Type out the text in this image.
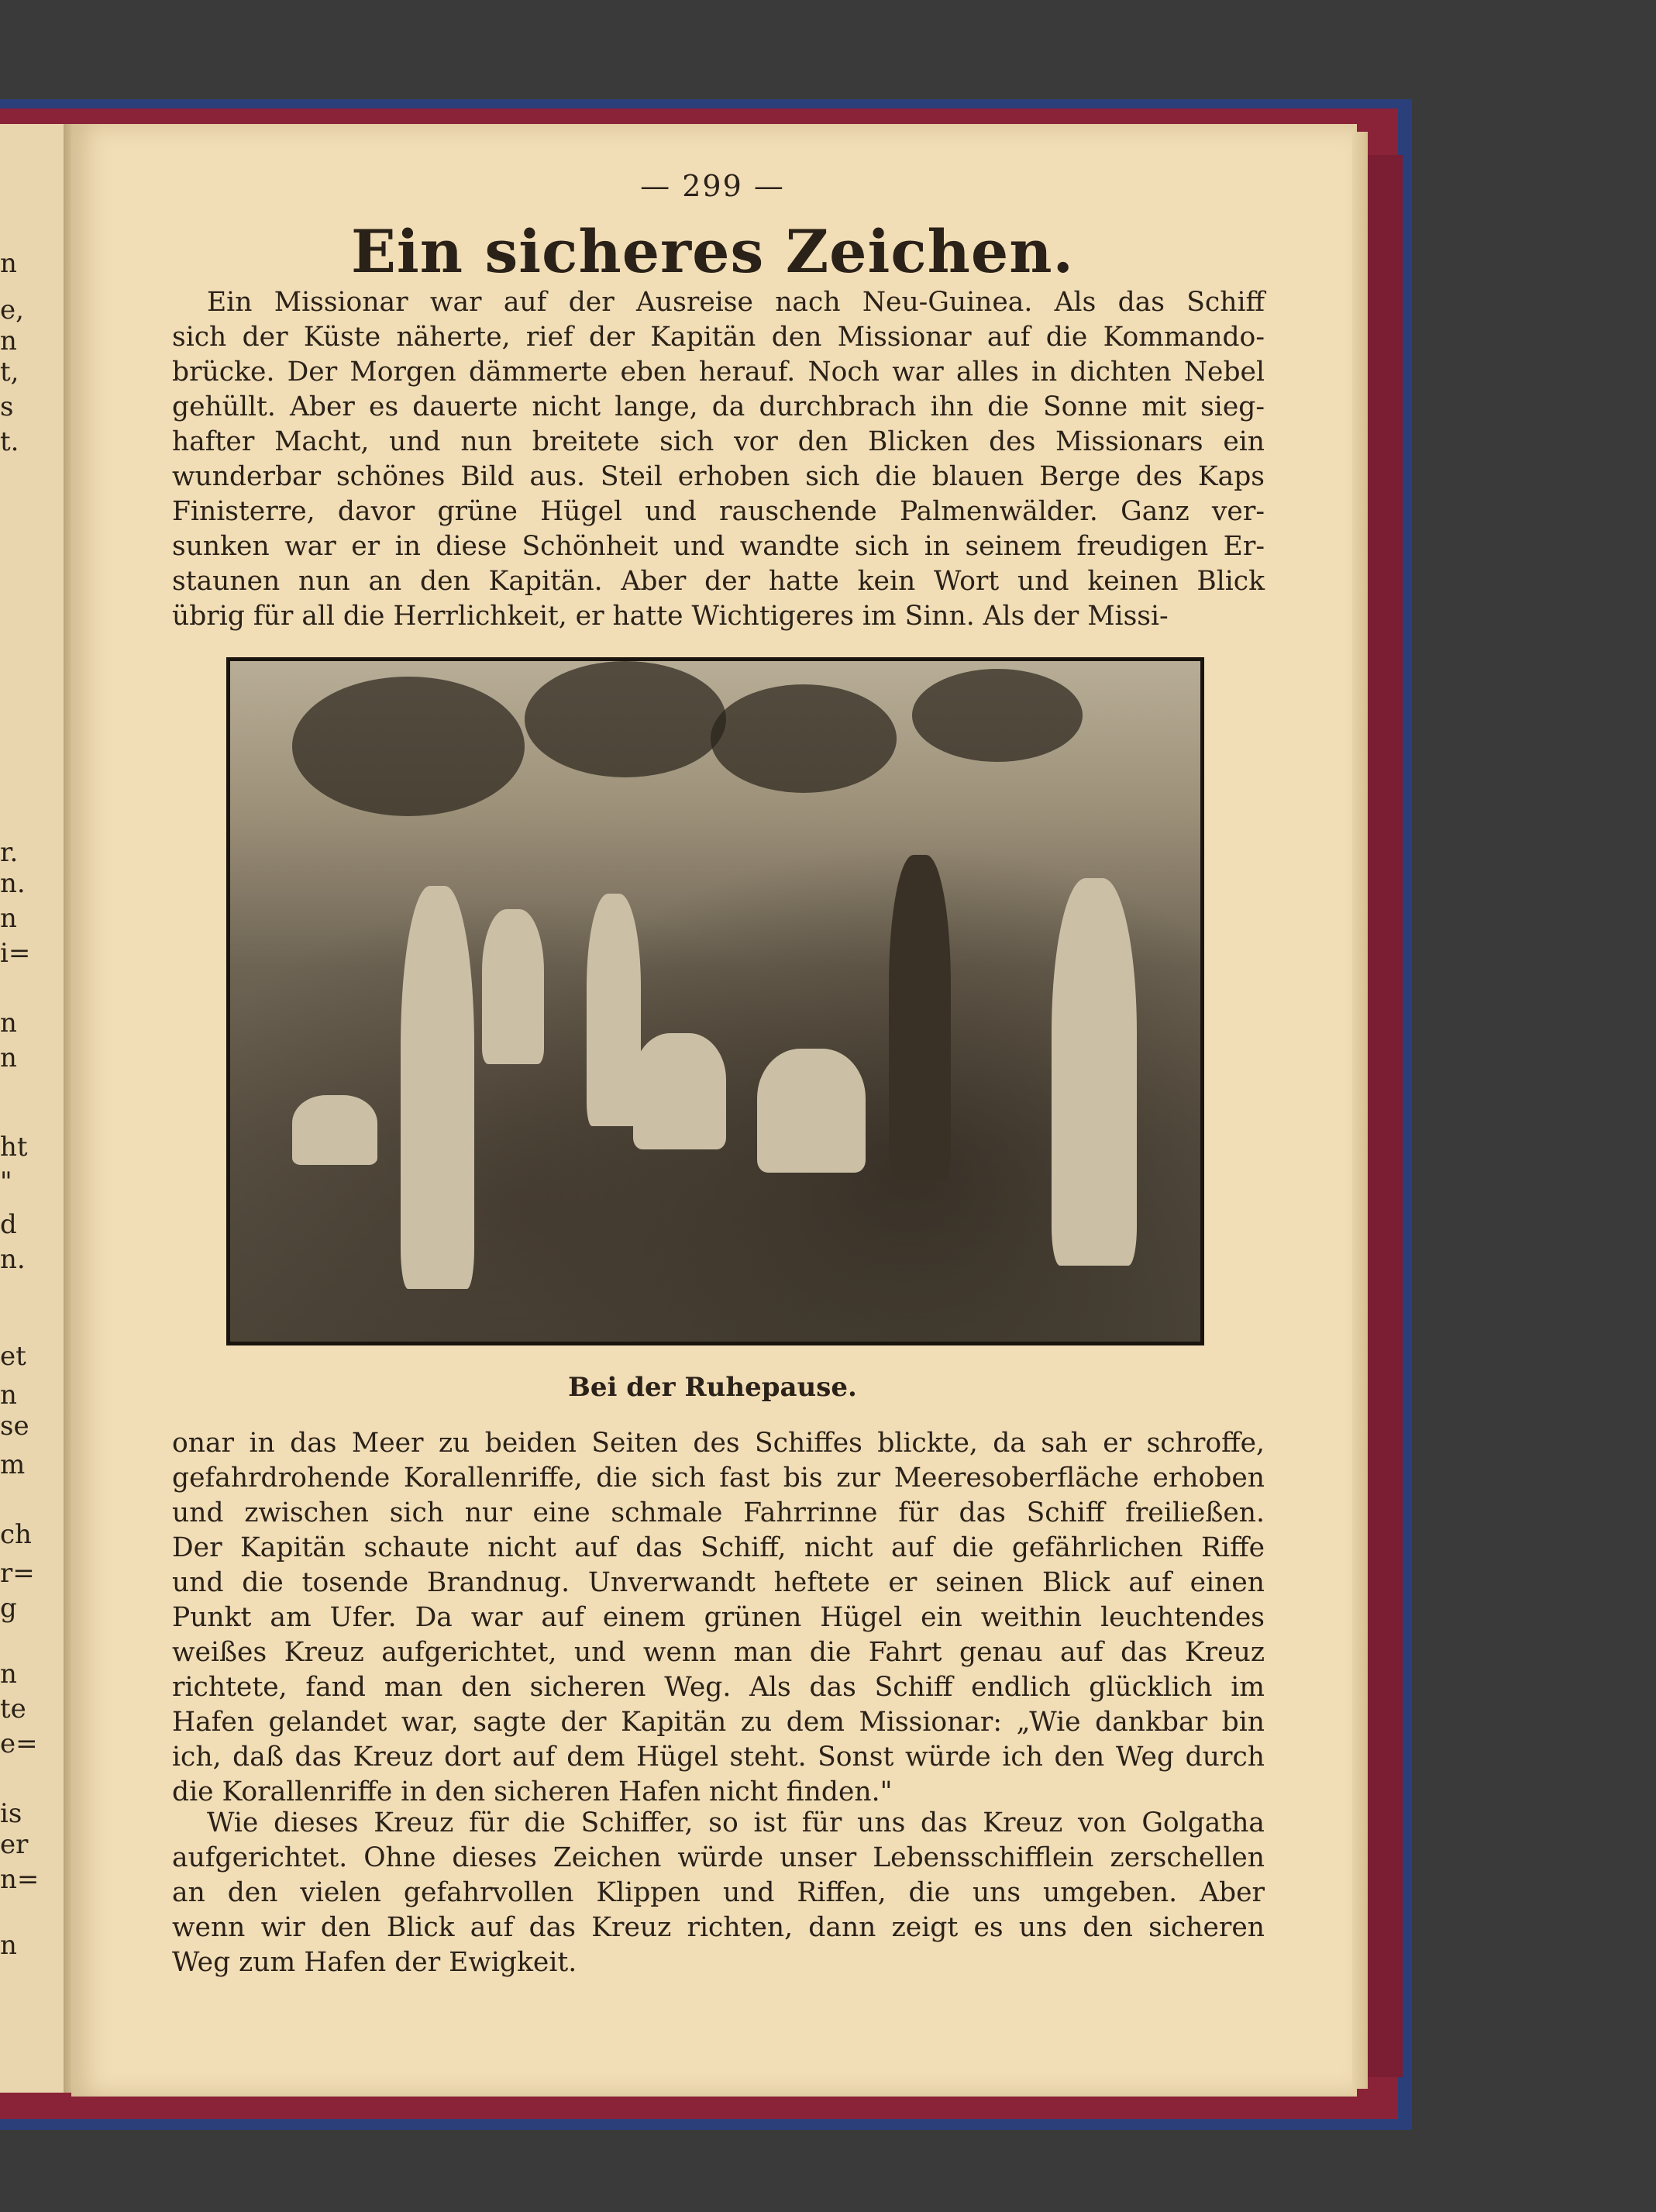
n
e,
n
t,
s
t.
r.
n.
n
i=
n
n
ht
"
d
n.
et
n
se
m
ch
r=
g
n
te
e=
is
er
n=
n
— 299 —
Ein sicheres Zeichen.
Ein Missionar war auf der Ausreise nach Neu-Guinea. Als das Schiff
sich der Küste näherte, rief der Kapitän den Missionar auf die Kommando-
brücke. Der Morgen dämmerte eben herauf. Noch war alles in dichten Nebel
gehüllt. Aber es dauerte nicht lange, da durchbrach ihn die Sonne mit sieg-
hafter Macht, und nun breitete sich vor den Blicken des Missionars ein
wunderbar schönes Bild aus. Steil erhoben sich die blauen Berge des Kaps
Finisterre, davor grüne Hügel und rauschende Palmenwälder. Ganz ver-
sunken war er in diese Schönheit und wandte sich in seinem freudigen Er-
staunen nun an den Kapitän. Aber der hatte kein Wort und keinen Blick
übrig für all die Herrlichkeit, er hatte Wichtigeres im Sinn. Als der Missi-
Bei der Ruhepause.
onar in das Meer zu beiden Seiten des Schiffes blickte, da sah er schroffe,
gefahrdrohende Korallenriffe, die sich fast bis zur Meeresoberfläche erhoben
und zwischen sich nur eine schmale Fahrrinne für das Schiff freiließen.
Der Kapitän schaute nicht auf das Schiff, nicht auf die gefährlichen Riffe
und die tosende Brandnug. Unverwandt heftete er seinen Blick auf einen
Punkt am Ufer. Da war auf einem grünen Hügel ein weithin leuchtendes
weißes Kreuz aufgerichtet, und wenn man die Fahrt genau auf das Kreuz
richtete, fand man den sicheren Weg. Als das Schiff endlich glücklich im
Hafen gelandet war, sagte der Kapitän zu dem Missionar: „Wie dankbar bin
ich, daß das Kreuz dort auf dem Hügel steht. Sonst würde ich den Weg durch
die Korallenriffe in den sicheren Hafen nicht finden."
Wie dieses Kreuz für die Schiffer, so ist für uns das Kreuz von Golgatha
aufgerichtet. Ohne dieses Zeichen würde unser Lebensschifflein zerschellen
an den vielen gefahrvollen Klippen und Riffen, die uns umgeben. Aber
wenn wir den Blick auf das Kreuz richten, dann zeigt es uns den sicheren
Weg zum Hafen der Ewigkeit.
